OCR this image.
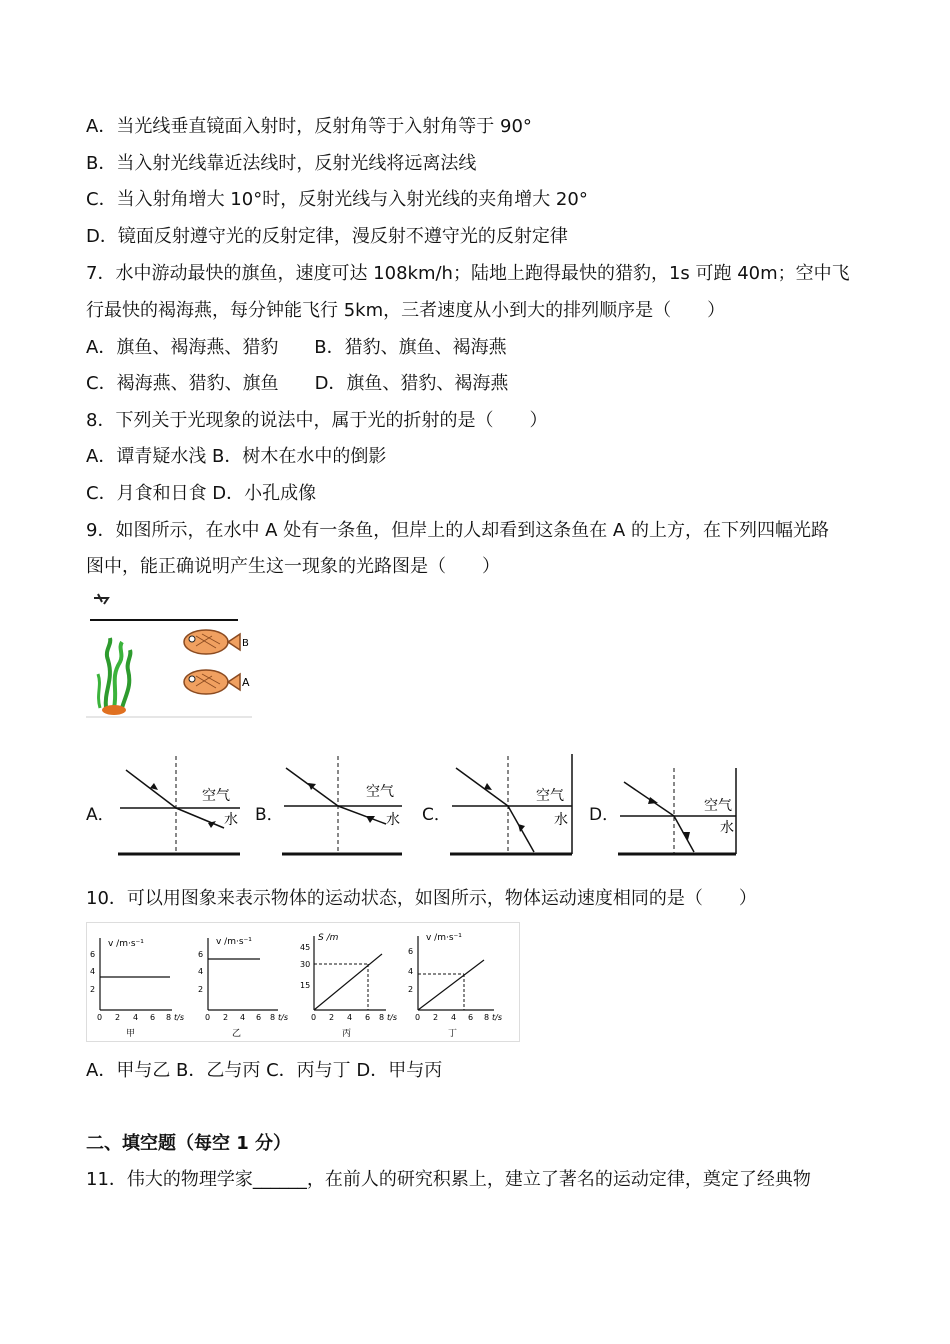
A．当光线垂直镜面入射时，反射角等于入射角等于 90°
B．当入射光线靠近法线时，反射光线将远离法线
C．当入射角增大 10°时，反射光线与入射光线的夹角增大 20°
D．镜面反射遵守光的反射定律，漫反射不遵守光的反射定律
7．水中游动最快的旗鱼，速度可达 108km/h；陆地上跑得最快的猎豹，1s 可跑 40m；空中飞
行最快的褐海燕，每分钟能飞行 5km，三者速度从小到大的排列顺序是（　　）
A．旗鱼、褐海燕、猎豹　　B．猎豹、旗鱼、褐海燕
C．褐海燕、猎豹、旗鱼　　D．旗鱼、猎豹、褐海燕
8．下列关于光现象的说法中，属于光的折射的是（　　）
A．谭青疑水浅 B．树木在水中的倒影
C．月食和日食 D．小孔成像
9．如图所示，在水中 A 处有一条鱼，但岸上的人却看到这条鱼在 A 的上方，在下列四幅光路
图中，能正确说明产生这一现象的光路图是（　　）
B
A
A．
空气
水 B．
空气
水 C．
空气
水 D．	空气
水
10．可以用图象来表示物体的运动状态，如图所示，物体运动速度相同的是（　　）
v /m·s⁻¹
6
4
2
0 2 4 6 8 t/s
甲
v /m·s⁻¹
6
4
2
0 2 4 6 8 t/s
乙
S /m
45
30
15
0 2 4 6 8 t/s
丙
v /m·s⁻¹
6
4
2
0 2 4 6 8 t/s
丁
A．甲与乙 B．乙与丙 C．丙与丁 D．甲与丙
二、填空题（每空 1 分）
11．伟大的物理学家______，在前人的研究积累上，建立了著名的运动定律，奠定了经典物
